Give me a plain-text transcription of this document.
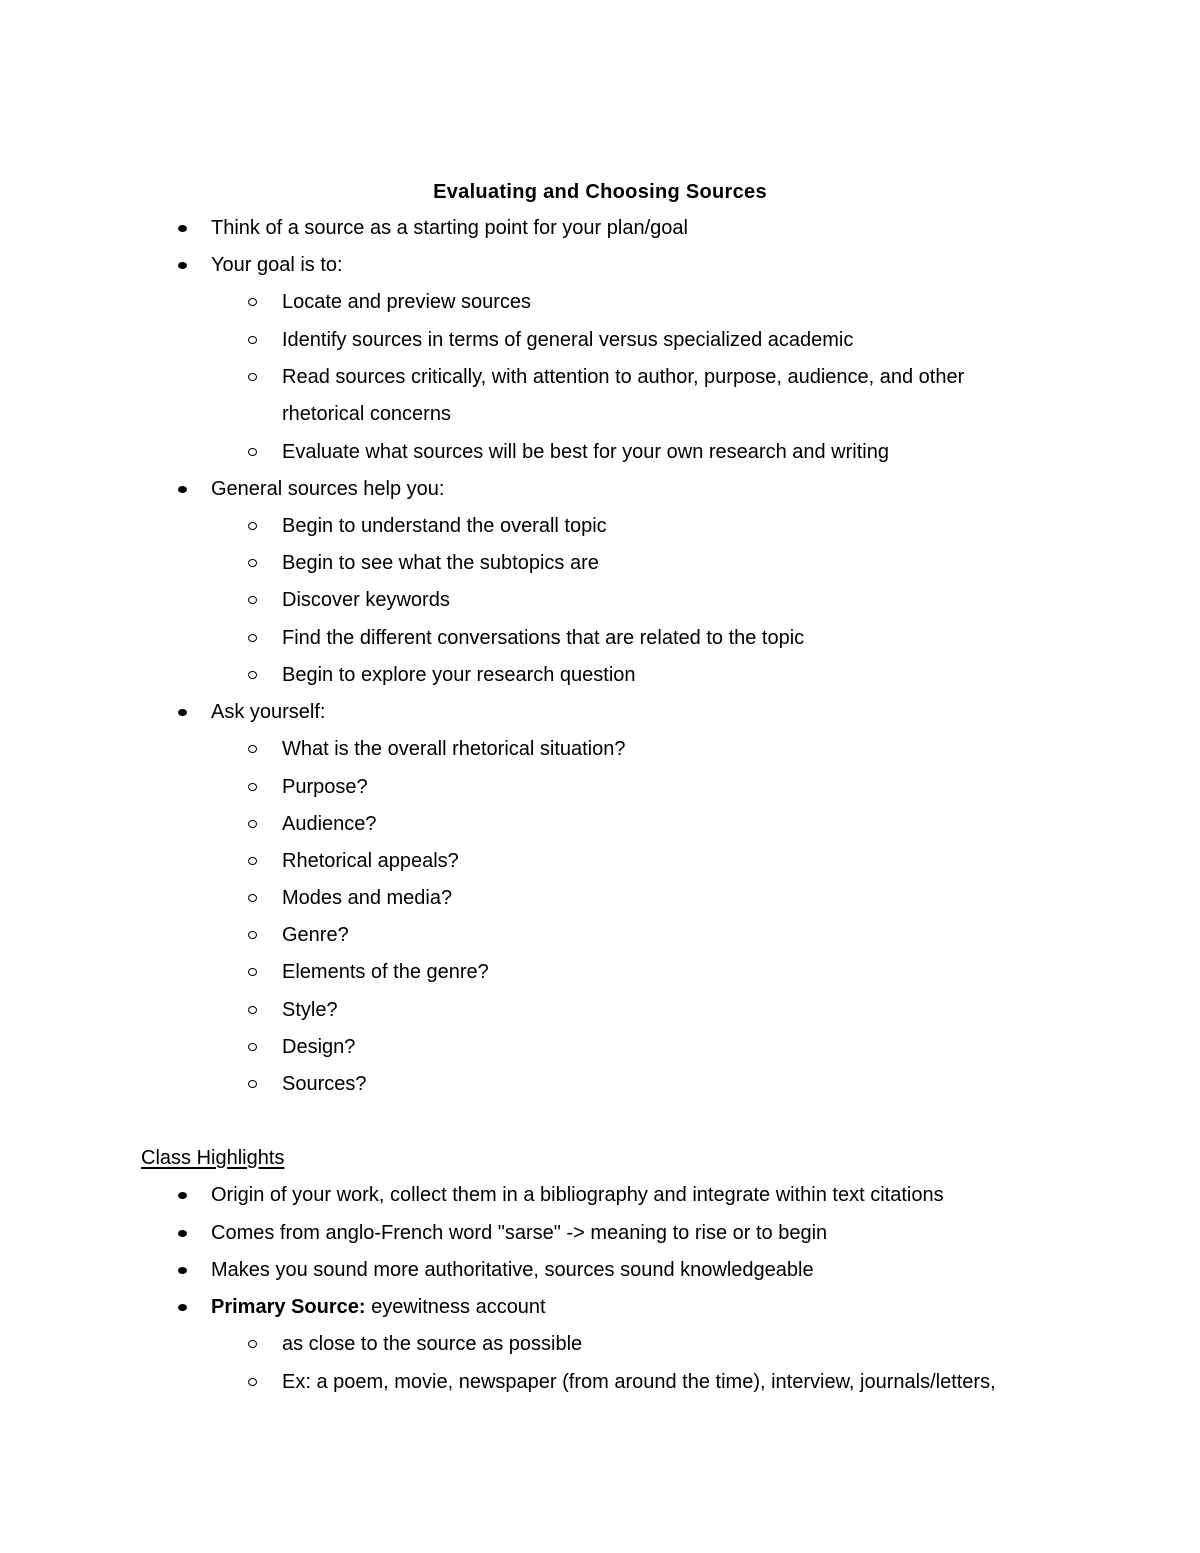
Evaluating and Choosing Sources
Think of a source as a starting point for your plan/goal
Your goal is to:
Locate and preview sources
Identify sources in terms of general versus specialized academic
Read sources critically, with attention to author, purpose, audience, and other
rhetorical concerns
Evaluate what sources will be best for your own research and writing
General sources help you:
Begin to understand the overall topic
Begin to see what the subtopics are
Discover keywords
Find the different conversations that are related to the topic
Begin to explore your research question
Ask yourself:
What is the overall rhetorical situation?
Purpose?
Audience?
Rhetorical appeals?
Modes and media?
Genre?
Elements of the genre?
Style?
Design?
Sources?
Class Highlights
Origin of your work, collect them in a bibliography and integrate within text citations
Comes from anglo-French word "sarse" -> meaning to rise or to begin
Makes you sound more authoritative, sources sound knowledgeable
Primary Source: eyewitness account
as close to the source as possible
Ex: a poem, movie, newspaper (from around the time), interview, journals/letters,
